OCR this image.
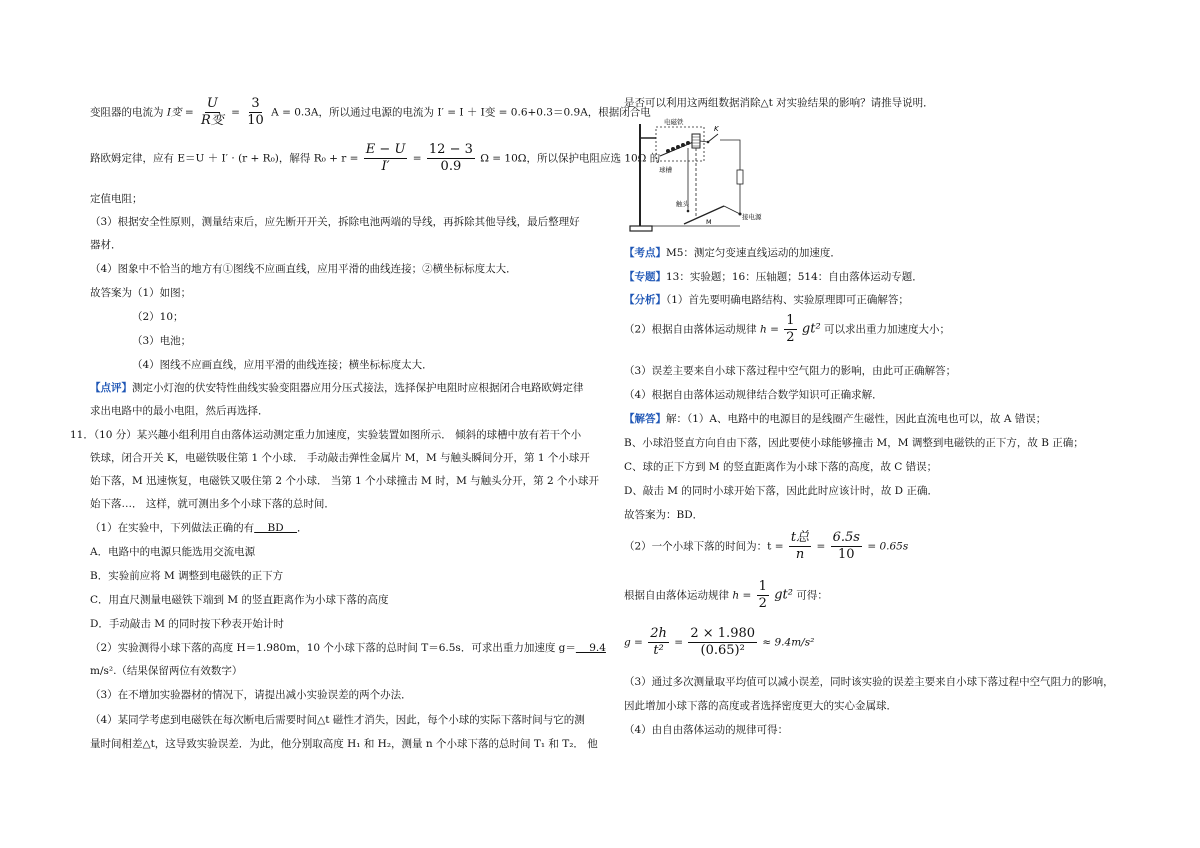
变阻器的电流为 I变 = $\frac{U}{\text{R变}} = \frac{3}{10}$ A = 0.3A，所以通过电源的电流为 I′ = I ＋ I变 = 0.6+0.3＝0.9A，根据闭合电
路欧姆定律，应有 E＝U ＋ I′ · (r + R₀)，解得 $R_0 + r = \frac{E - U}{I'} = \frac{12 - 3}{0.9}$ Ω = 10Ω，所以保护电阻应选 10Ω 的
定值电阻；
（3）根据安全性原则，测量结束后，应先断开开关，拆除电池两端的导线，再拆除其他导线，最后整理好
器材．
（4）图象中不恰当的地方有①图线不应画直线，应用平滑的曲线连接；②横坐标标度太大．
故答案为（1）如图；
（2）10；
（3）电池；
（4）图线不应画直线，应用平滑的曲线连接；横坐标标度太大．
【点评】测定小灯泡的伏安特性曲线实验变阻器应用分压式接法，选择保护电阻时应根据闭合电路欧姆定律
求出电路中的最小电阻，然后再选择．
11．（10 分）某兴趣小组利用自由落体运动测定重力加速度，实验装置如图所示． 倾斜的球槽中放有若干个小
铁球，闭合开关 K，电磁铁吸住第 1 个小球． 手动敲击弹性金属片 M，M 与触头瞬间分开，第 1 个小球开
始下落，M 迅速恢复，电磁铁又吸住第 2 个小球． 当第 1 个小球撞击 M 时，M 与触头分开，第 2 个小球开
始下落…． 这样，就可测出多个小球下落的总时间．
（1）在实验中，下列做法正确的有    BD    ．
A．电路中的电源只能选用交流电源
B．实验前应将 M 调整到电磁铁的正下方
C．用直尺测量电磁铁下端到 M 的竖直距离作为小球下落的高度
D．手动敲击 M 的同时按下秒表开始计时
（2）实验测得小球下落的高度 H＝1.980m，10 个小球下落的总时间 T＝6.5s．可求出重力加速度 g＝    9.4
m/s².（结果保留两位有效数字）
（3）在不增加实验器材的情况下，请提出减小实验误差的两个办法．
（4）某同学考虑到电磁铁在每次断电后需要时间△t 磁性才消失，因此，每个小球的实际下落时间与它的测
量时间相差△t，这导致实验误差．为此，他分别取高度 H₁ 和 H₂，测量 n 个小球下落的总时间 T₁ 和 T₂． 他
是否可以利用这两组数据消除△t 对实验结果的影响？请推导说明．
电磁铁
K
球槽
触头
M
接电源
【考点】M5：测定匀变速直线运动的加速度．
【专题】13：实验题；16：压轴题；514：自由落体运动专题．
【分析】（1）首先要明确电路结构、实验原理即可正确解答；
（2）根据自由落体运动规律 $h = \frac{1}{2} gt^2$ 可以求出重力加速度大小；
（3）误差主要来自小球下落过程中空气阻力的影响，由此可正确解答；
（4）根据自由落体运动规律结合数学知识可正确求解．
【解答】解：（1）A、电路中的电源目的是线圈产生磁性，因此直流电也可以，故 A 错误；
B、小球沿竖直方向自由下落，因此要使小球能够撞击 M，M 调整到电磁铁的正下方，故 B 正确；
C、球的正下方到 M 的竖直距离作为小球下落的高度，故 C 错误；
D、敲击 M 的同时小球开始下落，因此此时应该计时，故 D 正确．
故答案为：BD．
（2）一个小球下落的时间为：$t = \frac{\text{t总}}{n} = \frac{6.5s}{10} = 0.65s$
根据自由落体运动规律 $h = \frac{1}{2} gt^2$ 可得：
$g = \frac{2h}{\text{t²}} = \frac{2 \times 1.980}{\text{(0.65)²}} \approx 9.4m/s^2$
（3）通过多次测量取平均值可以减小误差，同时该实验的误差主要来自小球下落过程中空气阻力的影响，
因此增加小球下落的高度或者选择密度更大的实心金属球．
（4）由自由落体运动的规律可得：
